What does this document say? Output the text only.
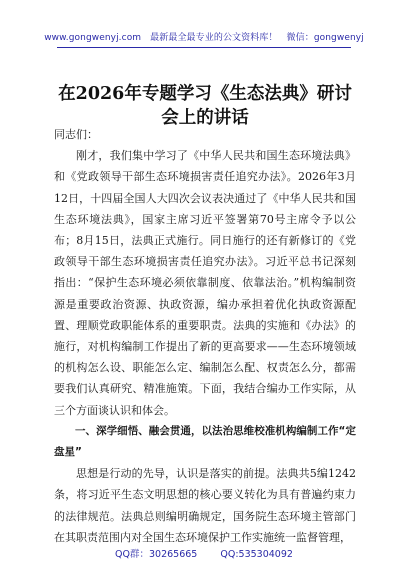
www.gongwenyj.com 最新最全最专业的公文资料库！ 微信：gongwenyj
在2026年专题学习《生态法典》研讨会上的讲话

同志们：

刚才，我们集中学习了《中华人民共和国生态环境法典》和《党政领导干部生态环境损害责任追究办法》。2026年3月12日，十四届全国人大四次会议表决通过了《中华人民共和国生态环境法典》，国家主席习近平签署第70号主席令予以公布；8月15日，法典正式施行。同日施行的还有新修订的《党政领导干部生态环境损害责任追究办法》。习近平总书记深刻指出：“保护生态环境必须依靠制度、依靠法治。”机构编制资源是重要政治资源、执政资源，编办承担着优化执政资源配置、理顺党政职能体系的重要职责。法典的实施和《办法》的施行，对机构编制工作提出了新的更高要求——生态环境领域的机构怎么设、职能怎么定、编制怎么配、权责怎么分，都需要我们认真研究、精准施策。下面，我结合编办工作实际，从三个方面谈认识和体会。

一、深学细悟、融会贯通，以法治思维校准机构编制工作“定盘星”

思想是行动的先导，认识是落实的前提。法典共5编1242条，将习近平生态文明思想的核心要义转化为具有普遍约束力的法律规范。法典总则编明确规定，国务院生态环境主管部门在其职责范围内对全国生态环境保护工作实施统一监督管理，

QQ群：30265665 QQ:535304092
